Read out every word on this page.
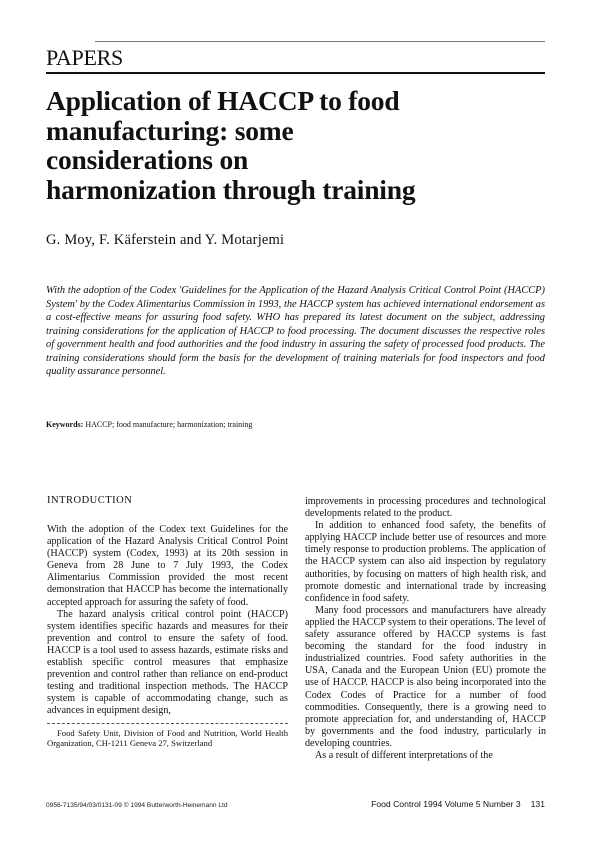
PAPERS
Application of HACCP to food
manufacturing: some
considerations on
harmonization through training
G. Moy, F. Käferstein and Y. Motarjemi

With the adoption of the Codex 'Guidelines for the Application of the Hazard Analysis Critical Control Point (HACCP) System' by the Codex Alimentarius Commission in 1993, the HACCP system has achieved international endorsement as a cost-effective means for assuring food safety. WHO has prepared its latest document on the subject, addressing training considerations for the application of HACCP to food processing. The document discusses the respective roles of government health and food authorities and the food industry in assuring the safety of processed food products. The training considerations should form the basis for the development of training materials for food inspectors and food quality assurance personnel.

Keywords: HACCP; food manufacture; harmonization; training
INTRODUCTION

With the adoption of the Codex text Guidelines for the application of the Hazard Analysis Critical Control Point (HACCP) system (Codex, 1993) at its 20th session in Geneva from 28 June to 7 July 1993, the Codex Alimentarius Commission provided the most recent demonstration that HACCP has become the internationally accepted approach for assuring the safety of food.

The hazard analysis critical control point (HACCP) system identifies specific hazards and measures for their prevention and control to ensure the safety of food. HACCP is a tool used to assess hazards, estimate risks and establish specific control measures that emphasize prevention and control rather than reliance on end-product testing and traditional inspection methods. The HACCP system is capable of accommodating change, such as advances in equipment design,

Food Safety Unit, Division of Food and Nutrition, World Health Organization, CH-1211 Geneva 27, Switzerland

improvements in processing procedures and technological developments related to the product.

In addition to enhanced food safety, the benefits of applying HACCP include better use of resources and more timely response to production problems. The application of the HACCP system can also aid inspection by regulatory authorities, by focusing on matters of high health risk, and promote domestic and international trade by increasing confidence in food safety.

Many food processors and manufacturers have already applied the HACCP system to their operations. The level of safety assurance offered by HACCP systems is fast becoming the standard for the food industry in industrialized countries. Food safety authorities in the USA, Canada and the European Union (EU) promote the use of HACCP. HACCP is also being incorporated into the Codex Codes of Practice for a number of food commodities. Consequently, there is a growing need to promote appreciation for, and understanding of, HACCP by governments and the food industry, particularly in developing countries.

As a result of different interpretations of the

0956-7135/94/03/0131-09 © 1994 Butterworth-Heinemann Ltd	Food Control 1994 Volume 5 Number 3 131
